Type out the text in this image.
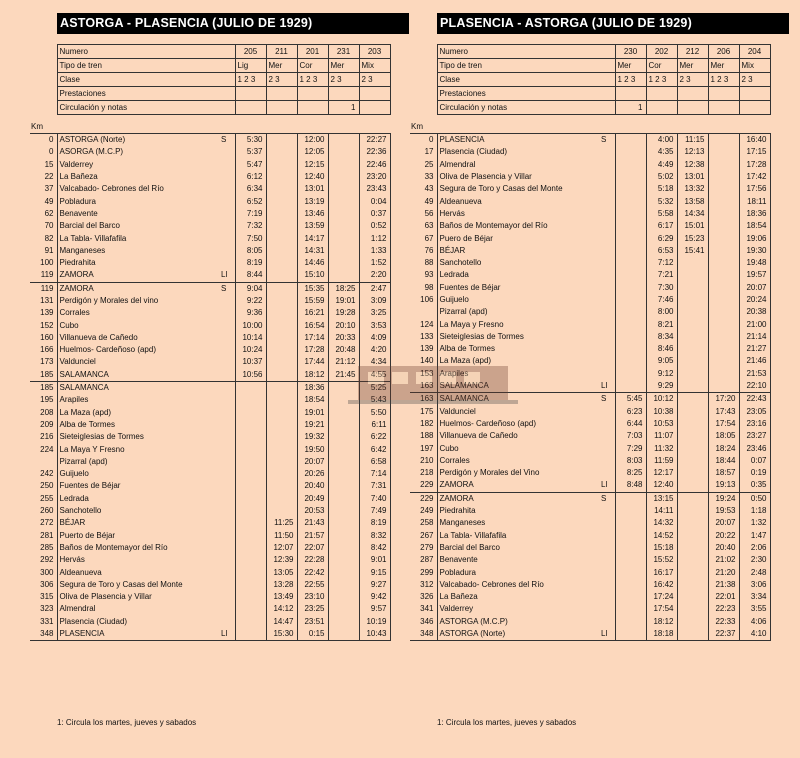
ASTORGA - PLASENCIA (JULIO DE 1929)
	Numero	205	211	201	231	203
	Tipo de tren	Lig	Mer	Cor	Mer	Mix
	Clase	1 2 3	2 3	1 2 3	2 3	2 3
	Prestaciones					
	Circulación y notas				1	
Km
0	ASTORGA (Norte)	S	5:30		12:00		22:27
0	ASORGA (M.C.P)		5:37		12:05		22:36
15	Valderrey		5:47		12:15		22:46
22	La Bañeza		6:12		12:40		23:20
37	Valcabado- Cebrones del Río		6:34		13:01		23:43
49	Pobladura		6:52		13:19		0:04
62	Benavente		7:19		13:46		0:37
70	Barcial del Barco		7:32		13:59		0:52
82	La Tabla- Villafafila		7:50		14:17		1:12
91	Manganeses		8:05		14:31		1:33
100	Piedrahita		8:19		14:46		1:52
119	ZAMORA	Ll	8:44		15:10		2:20
119	ZAMORA	S	9:04		15:35	18:25	2:47
131	Perdigón y Morales del vino		9:22		15:59	19:01	3:09
139	Corrales		9:36		16:21	19:28	3:25
152	Cubo		10:00		16:54	20:10	3:53
160	Villanueva de Cañedo		10:14		17:14	20:33	4:09
166	Huelmos- Cardeñoso (apd)		10:24		17:28	20:48	4:20
173	Valdunciel		10:37		17:44	21:12	4:34
185	SALAMANCA		10:56		18:12	21:45	4:55
185	SALAMANCA				18:36		5:25
195	Arapiles				18:54		5:43
208	La Maza (apd)				19:01		5:50
209	Alba de Tormes				19:21		6:11
216	Sieteiglesias de Tormes				19:32		6:22
224	La Maya Y Fresno				19:50		6:42
	Pizarral (apd)				20:07		6:58
242	Guijuelo				20:26		7:14
250	Fuentes de Béjar				20:40		7:31
255	Ledrada				20:49		7:40
260	Sanchotello				20:53		7:49
272	BÉJAR			11:25	21:43		8:19
281	Puerto de Béjar			11:50	21:57		8:32
285	Baños de Montemayor del Río			12:07	22:07		8:42
292	Hervás			12:39	22:28		9:01
300	Aldeanueva			13:05	22:42		9:15
306	Segura de Toro y Casas del Monte			13:28	22:55		9:27
315	Oliva de Plasencia y Villar			13:49	23:10		9:42
323	Almendral			14:12	23:25		9:57
331	Plasencia (Ciudad)			14:47	23:51		10:19
348	PLASENCIA	Ll		15:30	0:15		10:43
PLASENCIA - ASTORGA (JULIO DE 1929)
	Numero	230	202	212	206	204
	Tipo de tren	Mer	Cor	Mer	Mer	Mix
	Clase	1 2 3	1 2 3	2 3	1 2 3	2 3
	Prestaciones					
	Circulación y notas	1				
Km
0	PLASENCIA	S		4:00	11:15		16:40
17	Plasencia (Ciudad)			4:35	12:13		17:15
25	Almendral			4:49	12:38		17:28
33	Oliva de Plasencia y Villar			5:02	13:01		17:42
43	Segura de Toro y Casas del Monte			5:18	13:32		17:56
49	Aldeanueva			5:32	13:58		18:11
56	Hervás			5:58	14:34		18:36
63	Baños de Montemayor del Río			6:17	15:01		18:54
67	Puero de Béjar			6:29	15:23		19:06
76	BÉJAR			6:53	15:41		19:30
88	Sanchotello			7:12			19:48
93	Ledrada			7:21			19:57
98	Fuentes de Béjar			7:30			20:07
106	Guijuelo			7:46			20:24
	Pizarral (apd)			8:00			20:38
124	La Maya y Fresno			8:21			21:00
133	Sieteiglesias de Tormes			8:34			21:14
139	Alba de Tormes			8:46			21:27
140	La Maza (apd)			9:05			21:46
153	Arapiles			9:12			21:53
163	SALAMANCA	Ll		9:29			22:10
163	SALAMANCA	S	5:45	10:12		17:20	22:43
175	Valdunciel		6:23	10:38		17:43	23:05
182	Huelmos- Cardeñoso (apd)		6:44	10:53		17:54	23:16
188	Villanueva de Cañedo		7:03	11:07		18:05	23:27
197	Cubo		7:29	11:32		18:24	23:46
210	Corrales		8:03	11:59		18:44	0:07
218	Perdigón y Morales del Vino		8:25	12:17		18:57	0:19
229	ZAMORA	Ll	8:48	12:40		19:13	0:35
229	ZAMORA	S		13:15		19:24	0:50
249	Piedrahita			14:11		19:53	1:18
258	Manganeses			14:32		20:07	1:32
267	La Tabla- Villafafila			14:52		20:22	1:47
279	Barcial del Barco			15:18		20:40	2:06
287	Benavente			15:52		21:02	2:30
299	Pobladura			16:17		21:20	2:48
312	Valcabado- Cebrones del Río			16:42		21:38	3:06
326	La Bañeza			17:24		22:01	3:34
341	Valderrey			17:54		22:23	3:55
346	ASTORGA (M.C.P)			18:12		22:33	4:06
348	ASTORGA (Norte)	Ll		18:18		22:37	4:10
1: Circula los martes, jueves y sabados	1: Circula los martes, jueves y sabados
